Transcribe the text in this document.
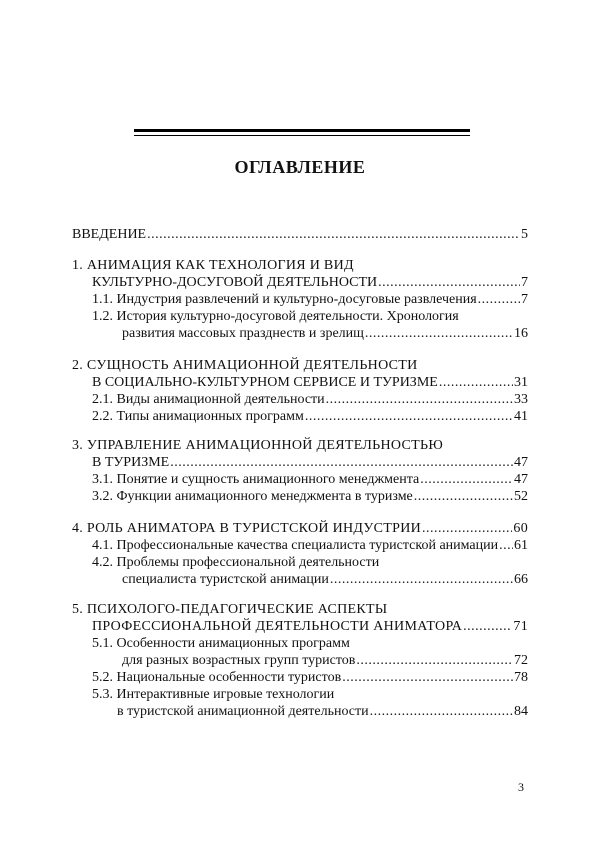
ОГЛАВЛЕНИЕ
ВВЕДЕНИЕ .....	5
1. АНИМАЦИЯ КАК ТЕХНОЛОГИЯ И ВИД
КУЛЬТУРНО-ДОСУГОВОЙ ДЕЯТЕЛЬНОСТИ .....	7
1.1. Индустрия развлечений и культурно-досуговые развлечения .....	7
1.2. История культурно-досуговой деятельности. Хронология
развития массовых празднеств и зрелищ .....	16
2. СУЩНОСТЬ АНИМАЦИОННОЙ ДЕЯТЕЛЬНОСТИ
В СОЦИАЛЬНО-КУЛЬТУРНОМ СЕРВИСЕ И ТУРИЗМЕ .....	31
2.1. Виды анимационной деятельности .....	33
2.2. Типы анимационных программ .....	41
3. УПРАВЛЕНИЕ АНИМАЦИОННОЙ ДЕЯТЕЛЬНОСТЬЮ
В ТУРИЗМЕ .....	47
3.1. Понятие и сущность анимационного менеджмента .....	47
3.2. Функции анимационного менеджмента в туризме .....	52
4. РОЛЬ АНИМАТОРА В ТУРИСТСКОЙ ИНДУСТРИИ .....	60
4.1. Профессиональные качества специалиста туристской анимации ..... 61
4.2. Проблемы профессиональной деятельности
специалиста туристской анимации .....	66
5. ПСИХОЛОГО-ПЕДАГОГИЧЕСКИЕ АСПЕКТЫ
ПРОФЕССИОНАЛЬНОЙ ДЕЯТЕЛЬНОСТИ АНИМАТОРА .....	71
5.1. Особенности анимационных программ
для разных возрастных групп туристов .....	72
5.2. Национальные особенности туристов .....	78
5.3. Интерактивные игровые технологии
в туристской анимационной деятельности .....	84
3
